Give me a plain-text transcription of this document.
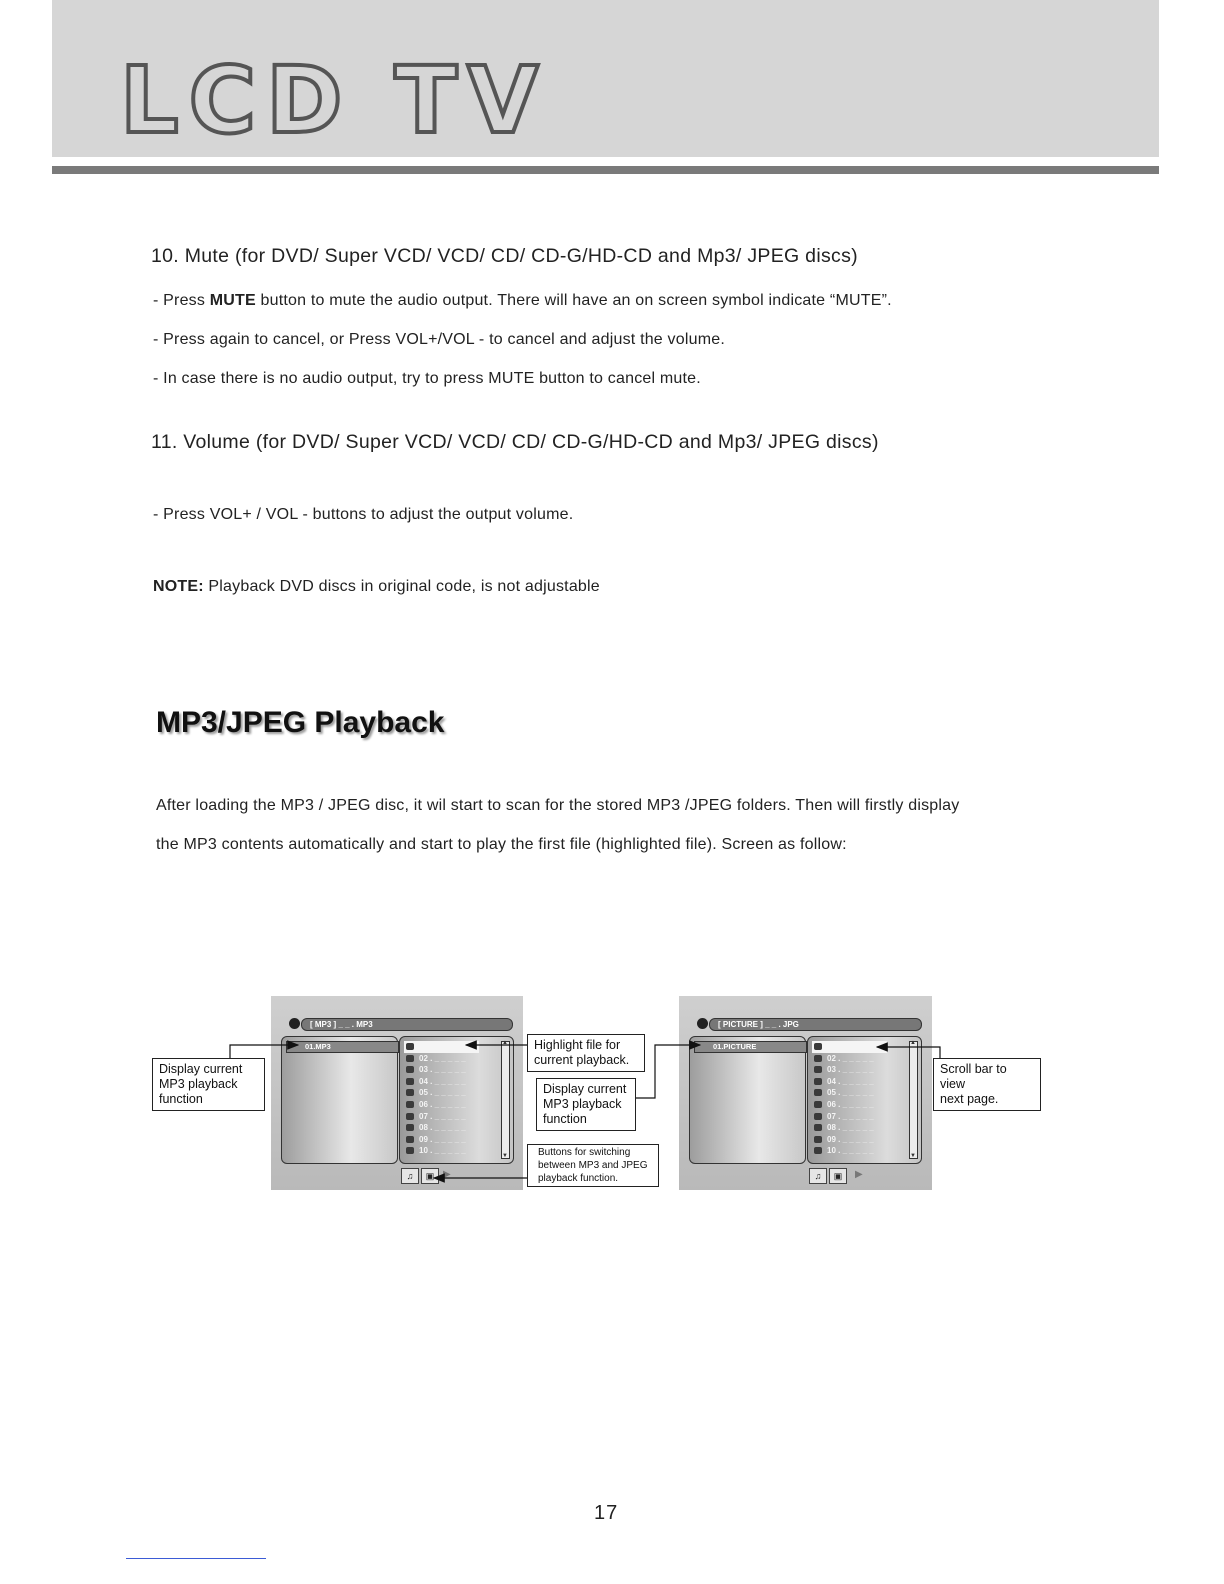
LCD TV
10. Mute (for DVD/ Super VCD/ VCD/ CD/ CD-G/HD-CD and Mp3/ JPEG discs)
- Press MUTE button to mute the audio output. There will have an on screen symbol indicate “MUTE”.
- Press again to cancel, or Press VOL+/VOL - to cancel and adjust the volume.
- In case there is no audio output, try to press MUTE button to cancel mute.
11. Volume (for DVD/ Super VCD/ VCD/ CD/ CD-G/HD-CD and Mp3/ JPEG discs)
- Press VOL+ / VOL - buttons to adjust the output volume.
NOTE: Playback DVD discs in original code, is not adjustable
MP3/JPEG Playback
After loading the MP3 / JPEG disc, it wil start to scan for the stored MP3 /JPEG folders. Then will firstly display
the MP3 contents automatically and start to play the first file (highlighted file). Screen as follow:
[ MP3 ] _ _ . MP3
01.MP3	01 . _ _ _ _ _
02 . _ _ _ _ _
03 . _ _ _ _ _
04 . _ _ _ _ _
05 . _ _ _ _ _
06 . _ _ _ _ _
07 . _ _ _ _ _
08 . _ _ _ _ _
09 . _ _ _ _ _
10 . _ _ _ _ _
▲ ▼
♫	▣ ▶
[ PICTURE ] _ _ . JPG
01.PICTURE	01 . _ _ _ _ _
02 . _ _ _ _ _
03 . _ _ _ _ _
04 . _ _ _ _ _
05 . _ _ _ _ _
06 . _ _ _ _ _
07 . _ _ _ _ _
08 . _ _ _ _ _
09 . _ _ _ _ _
10 . _ _ _ _ _
▲ ▼
♫	▣	▶
Display current
MP3 playback
function
Highlight file for
current playback.
Display current
MP3 playback
function
Buttons for switching
between MP3 and JPEG
playback function.
Scroll bar to view
next page.
17
